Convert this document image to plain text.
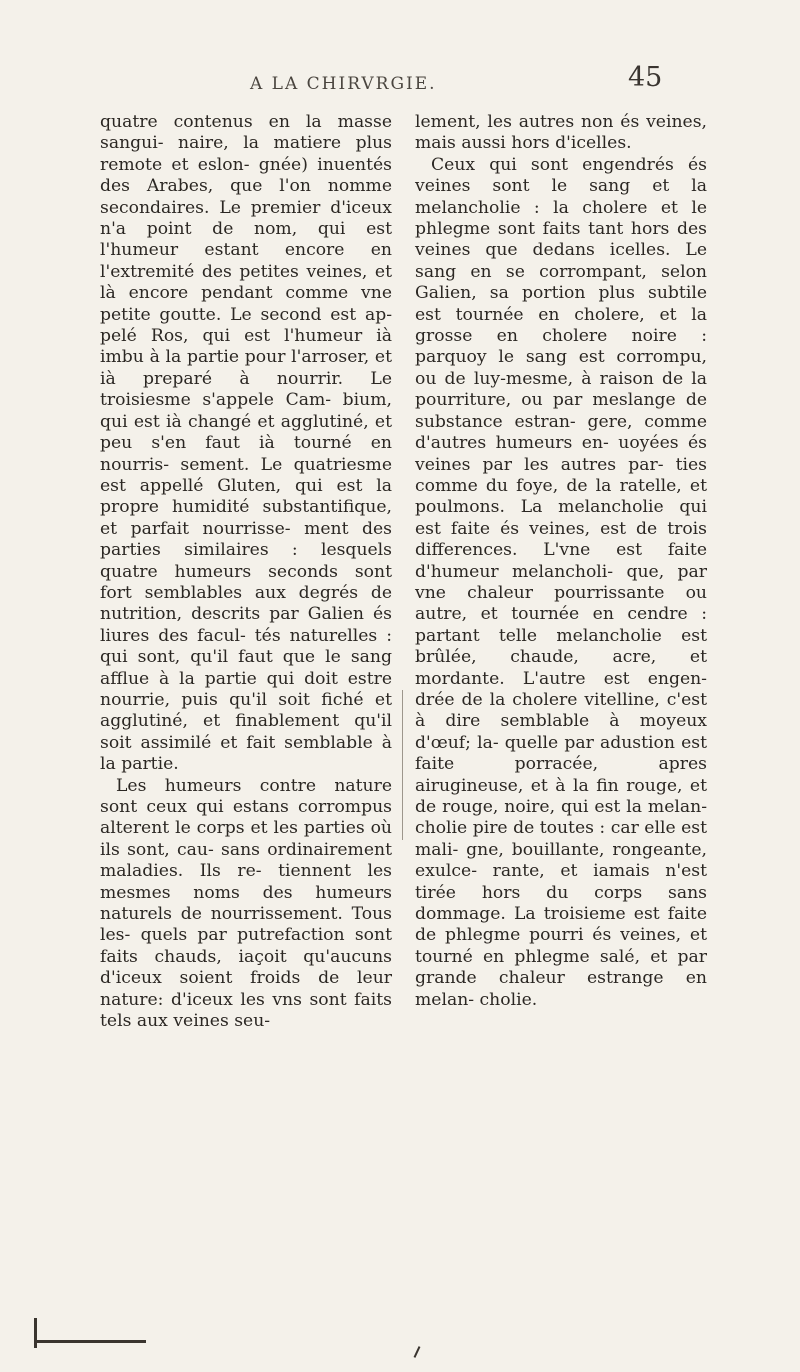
A LA CHIRVRGIE.	45

quatre contenus en la masse sangui- naire, la matiere plus remote et eslon- gnée) inuentés des Arabes, que l'on nomme secondaires. Le premier d'iceux n'a point de nom, qui est l'humeur estant encore en l'extremité des petites veines, et là encore pendant comme vne petite goutte. Le second est ap- pelé Ros, qui est l'humeur ià imbu à la partie pour l'arroser, et ià preparé à nourrir. Le troisiesme s'appele Cam- bium, qui est ià changé et agglutiné, et peu s'en faut ià tourné en nourris- sement. Le quatriesme est appellé Gluten, qui est la propre humidité substantifique, et parfait nourrisse- ment des parties similaires : lesquels quatre humeurs seconds sont fort semblables aux degrés de nutrition, descrits par Galien és liures des facul- tés naturelles : qui sont, qu'il faut que le sang afflue à la partie qui doit estre nourrie, puis qu'il soit fiché et agglutiné, et finablement qu'il soit assimilé et fait semblable à la partie.

Les humeurs contre nature sont ceux qui estans corrompus alterent le corps et les parties où ils sont, cau- sans ordinairement maladies. Ils re- tiennent les mesmes noms des humeurs naturels de nourrissement. Tous les- quels par putrefaction sont faits chauds, iaçoit qu'aucuns d'iceux soient froids de leur nature: d'iceux les vns sont faits tels aux veines seu-

lement, les autres non és veines, mais aussi hors d'icelles.

Ceux qui sont engendrés és veines sont le sang et la melancholie : la cholere et le phlegme sont faits tant hors des veines que dedans icelles. Le sang en se corrompant, selon Galien, sa portion plus subtile est tournée en cholere, et la grosse en cholere noire : parquoy le sang est corrompu, ou de luy-mesme, à raison de la pourriture, ou par meslange de substance estran- gere, comme d'autres humeurs en- uoyées és veines par les autres par- ties comme du foye, de la ratelle, et poulmons. La melancholie qui est faite és veines, est de trois differences. L'vne est faite d'humeur melancholi- que, par vne chaleur pourrissante ou autre, et tournée en cendre : partant telle melancholie est brûlée, chaude, acre, et mordante. L'autre est engen- drée de la cholere vitelline, c'est à dire semblable à moyeux d'œuf; la- quelle par adustion est faite porracée, apres airugineuse, et à la fin rouge, et de rouge, noire, qui est la melan- cholie pire de toutes : car elle est mali- gne, bouillante, rongeante, exulce- rante, et iamais n'est tirée hors du corps sans dommage. La troisieme est faite de phlegme pourri és veines, et tourné en phlegme salé, et par grande chaleur estrange en melan- cholie.
